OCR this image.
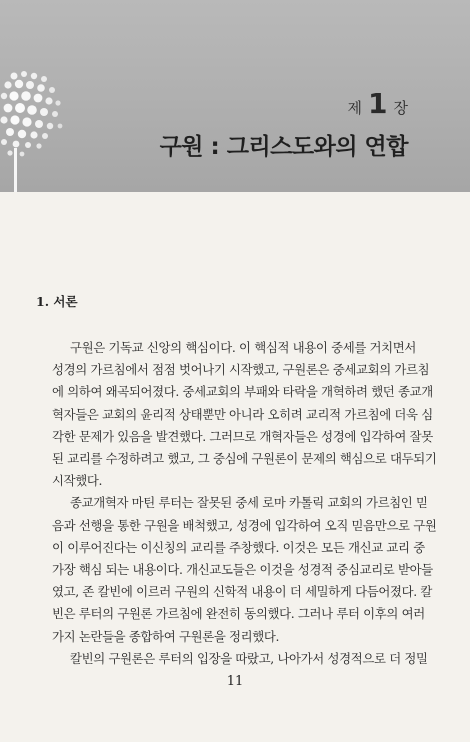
제 1 장
구원 : 그리스도와의 연합
1. 서론

구원은 기독교 신앙의 핵심이다. 이 핵심적 내용이 중세를 거치면서

성경의 가르침에서 점점 벗어나기 시작했고, 구원론은 중세교회의 가르침

에 의하여 왜곡되어졌다. 중세교회의 부패와 타락을 개혁하려 했던 종교개

혁자들은 교회의 윤리적 상태뿐만 아니라 오히려 교리적 가르침에 더욱 심

각한 문제가 있음을 발견했다. 그러므로 개혁자들은 성경에 입각하여 잘못

된 교리를 수정하려고 했고, 그 중심에 구원론이 문제의 핵심으로 대두되기

시작했다.

종교개혁자 마틴 루터는 잘못된 중세 로마 카톨릭 교회의 가르침인 믿

음과 선행을 통한 구원을 배척했고, 성경에 입각하여 오직 믿음만으로 구원

이 이루어진다는 이신칭의 교리를 주창했다. 이것은 모든 개신교 교리 중

가장 핵심 되는 내용이다. 개신교도들은 이것을 성경적 중심교리로 받아들

였고, 존 칼빈에 이르러 구원의 신학적 내용이 더 세밀하게 다듬어졌다. 칼

빈은 루터의 구원론 가르침에 완전히 동의했다. 그러나 루터 이후의 여러

가지 논란들을 종합하여 구원론을 정리했다.

칼빈의 구원론은 루터의 입장을 따랐고, 나아가서 성경적으로 더 정밀

11
